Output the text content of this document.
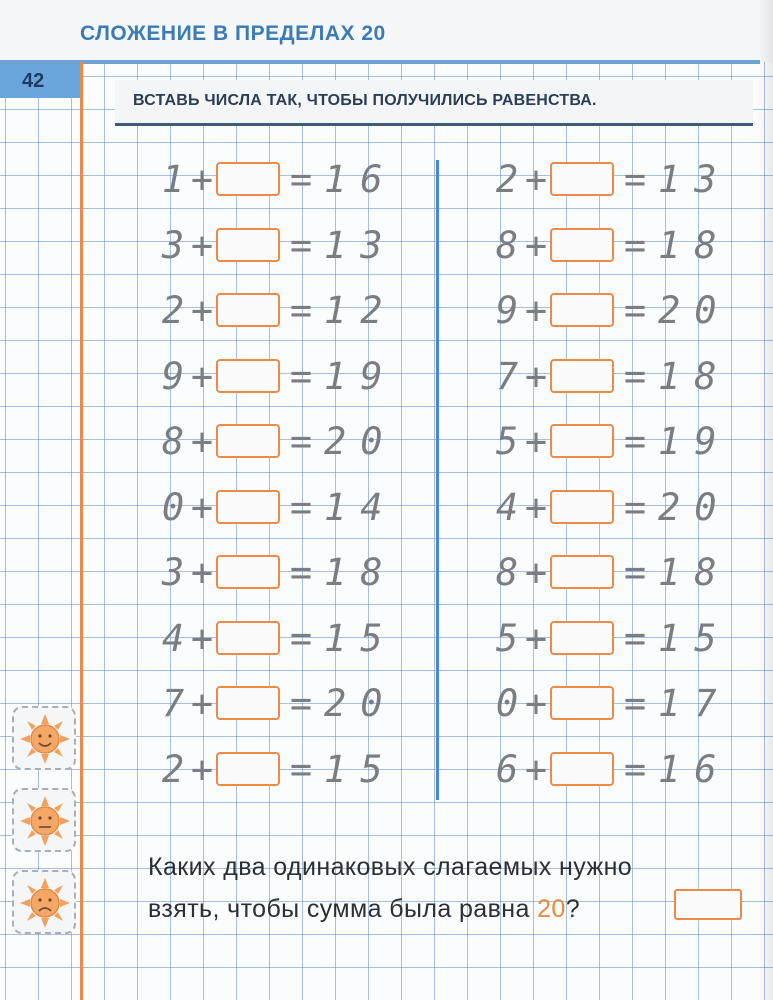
СЛОЖЕНИЕ В ПРЕДЕЛАХ 20
42

ВСТАВЬ ЧИСЛА ТАК, ЧТОБЫ ПОЛУЧИЛИСЬ РАВЕНСТВА.

1 + = 16
3 + = 13
2 + = 12
9 + = 19
8 + = 20
0 + = 14
3 + = 18
4 + = 15
7 + = 20
2 + = 15
2 + = 13
8 + = 18
9 + = 20
7 + = 18
5 + = 19
4 + = 20
8 + = 18
5 + = 15
0 + = 17
6 + = 16

Каких два одинаковых слагаемых нужно
взять, чтобы сумма была равна 20?
